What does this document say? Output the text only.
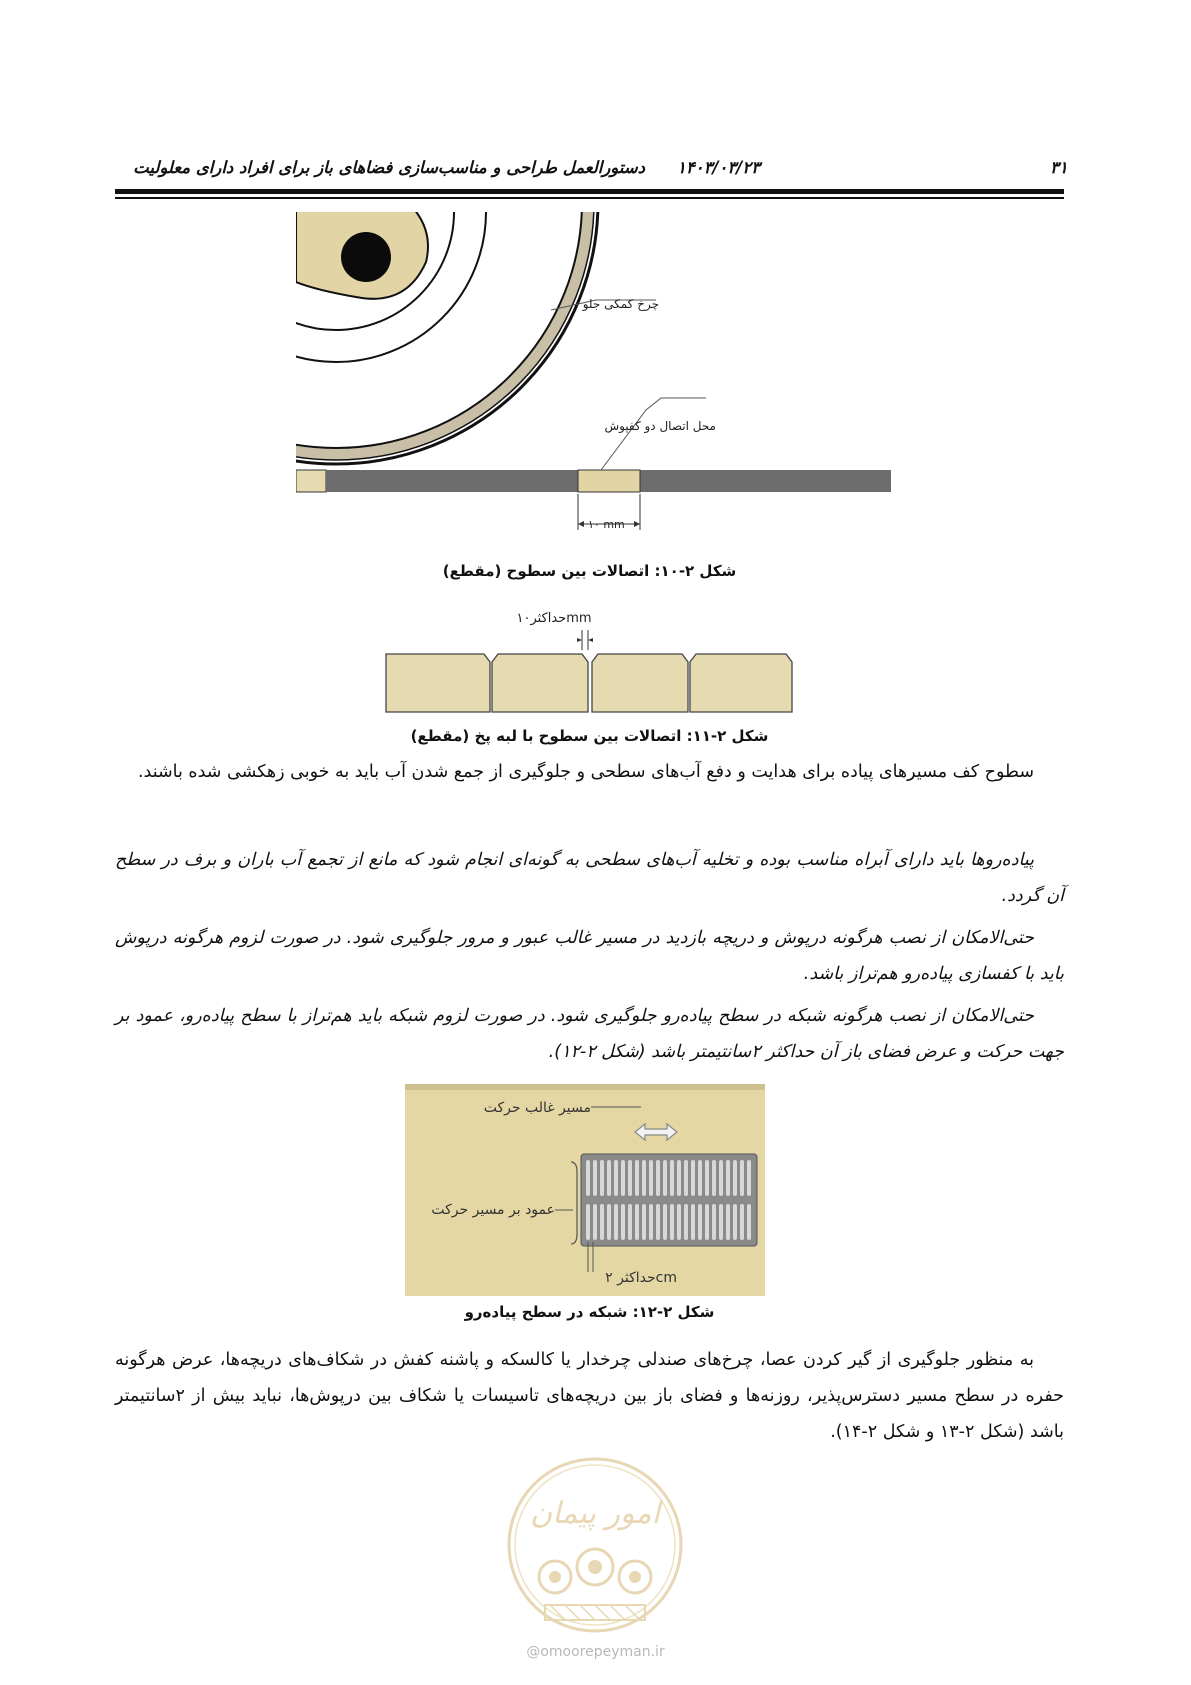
۳۱
۱۴۰۳/۰۳/۲۳
دستورالعمل طراحی و مناسب‌سازی فضاهای باز برای افراد دارای معلولیت
چرخ کمکی جلو
محل اتصال دو کفپوش
۱۰ mm
شکل ۲-۱۰: اتصالات بین سطوح (مقطع)
حداکثر۱۰mm
شکل ۲-۱۱: اتصالات بین سطوح با لبه پخ (مقطع)

سطوح کف مسیرهای پیاده برای هدایت و دفع آب‌های سطحی و جلوگیری از جمع شدن آب باید به خوبی زهکشی شده باشند.

پیاده‌روها باید دارای آبراه مناسب بوده و تخلیه آب‌های سطحی به گونه‌ای انجام شود که مانع از تجمع آب باران و برف در سطح آن گردد.

حتی‌الامکان از نصب هرگونه درپوش و دریچه بازدید در مسیر غالب عبور و مرور جلوگیری شود. در صورت لزوم هرگونه درپوش باید با کفسازی پیاده‌رو هم‌تراز باشد.

حتی‌الامکان از نصب هرگونه شبکه در سطح پیاده‌رو جلوگیری شود. در صورت لزوم شبکه باید هم‌تراز با سطح پیاده‌رو، عمود بر جهت حرکت و عرض فضای باز آن حداکثر ۲سانتیمتر باشد (شکل ۲-۱۲).

مسیر غالب حرکت
عمود بر مسیر حرکت
حداکثر ۲cm
شکل ۲-۱۲: شبکه در سطح پیاده‌رو

به منظور جلوگیری از گیر کردن عصا، چرخ‌های صندلی چرخدار یا کالسکه و پاشنه کفش در شکاف‌های دریچه‌ها، عرض هرگونه حفره در سطح مسیر دسترس‌پذیر، روزنه‌ها و فضای باز بین دریچه‌های تاسیسات یا شکاف بین درپوش‌ها، نباید بیش از ۲سانتیمتر باشد (شکل ۲-۱۳ و شکل ۲-۱۴).

امور پیمان
@omoorepeyman.ir
